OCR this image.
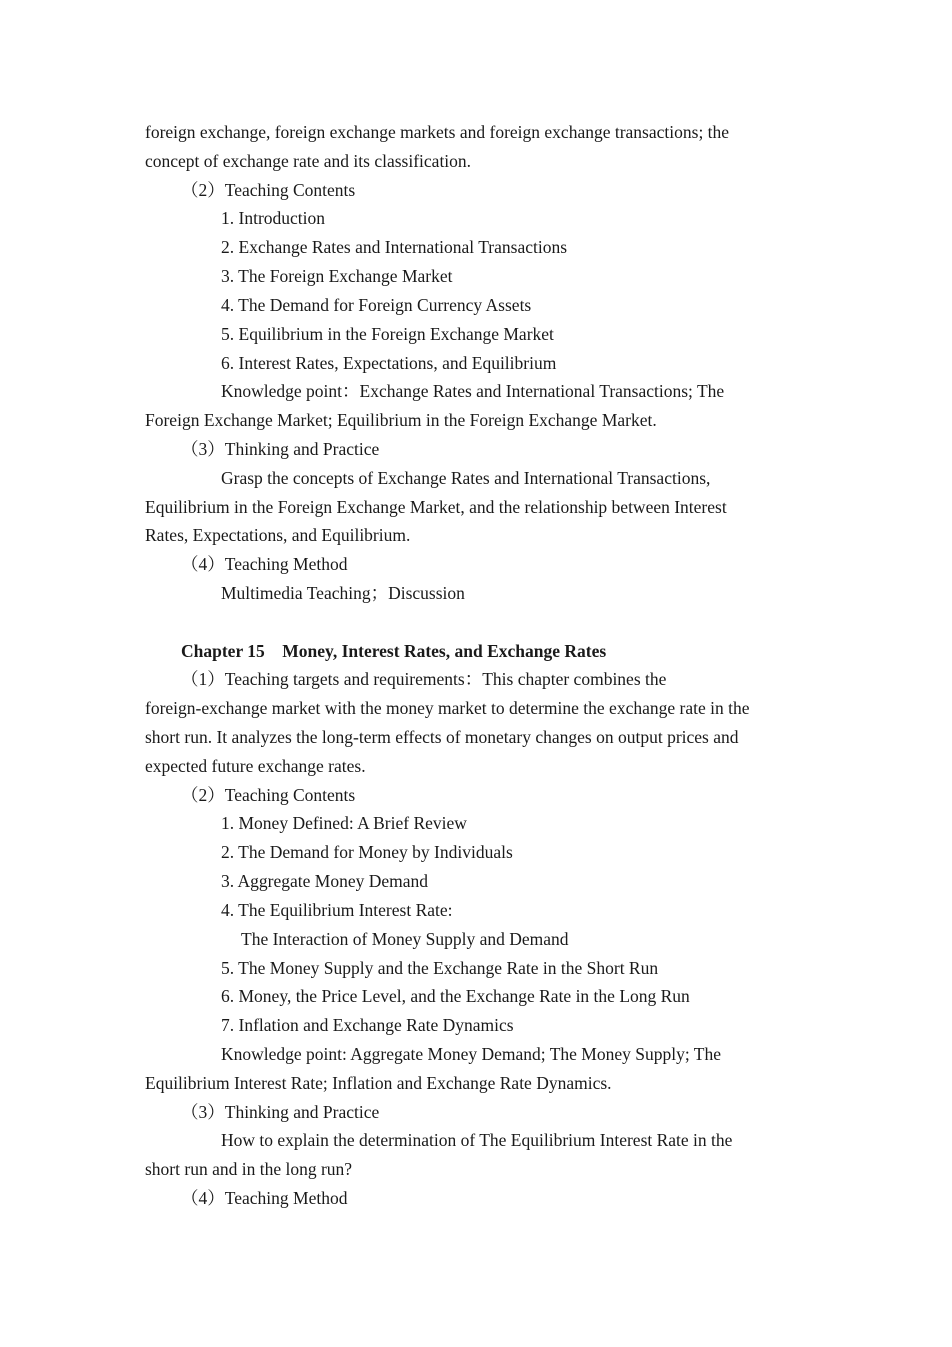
foreign exchange, foreign exchange markets and foreign exchange transactions; the
concept of exchange rate and its classification.
（2）Teaching Contents
1. Introduction
2. Exchange Rates and International Transactions
3. The Foreign Exchange Market
4. The Demand for Foreign Currency Assets
5. Equilibrium in the Foreign Exchange Market
6. Interest Rates, Expectations, and Equilibrium
Knowledge point：Exchange Rates and International Transactions; The
Foreign Exchange Market; Equilibrium in the Foreign Exchange Market.
（3）Thinking and Practice
Grasp the concepts of Exchange Rates and International Transactions,
Equilibrium in the Foreign Exchange Market, and the relationship between Interest
Rates, Expectations, and Equilibrium.
（4）Teaching Method
Multimedia Teaching；Discussion
Chapter 15　Money, Interest Rates, and Exchange Rates
（1）Teaching targets and requirements：This chapter combines the
foreign-exchange market with the money market to determine the exchange rate in the
short run. It analyzes the long-term effects of monetary changes on output prices and
expected future exchange rates.
（2）Teaching Contents
1. Money Defined: A Brief Review
2. The Demand for Money by Individuals
3. Aggregate Money Demand
4. The Equilibrium Interest Rate:
The Interaction of Money Supply and Demand
5. The Money Supply and the Exchange Rate in the Short Run
6. Money, the Price Level, and the Exchange Rate in the Long Run
7. Inflation and Exchange Rate Dynamics
Knowledge point: Aggregate Money Demand; The Money Supply; The
Equilibrium Interest Rate; Inflation and Exchange Rate Dynamics.
（3）Thinking and Practice
How to explain the determination of The Equilibrium Interest Rate in the
short run and in the long run?
（4）Teaching Method
